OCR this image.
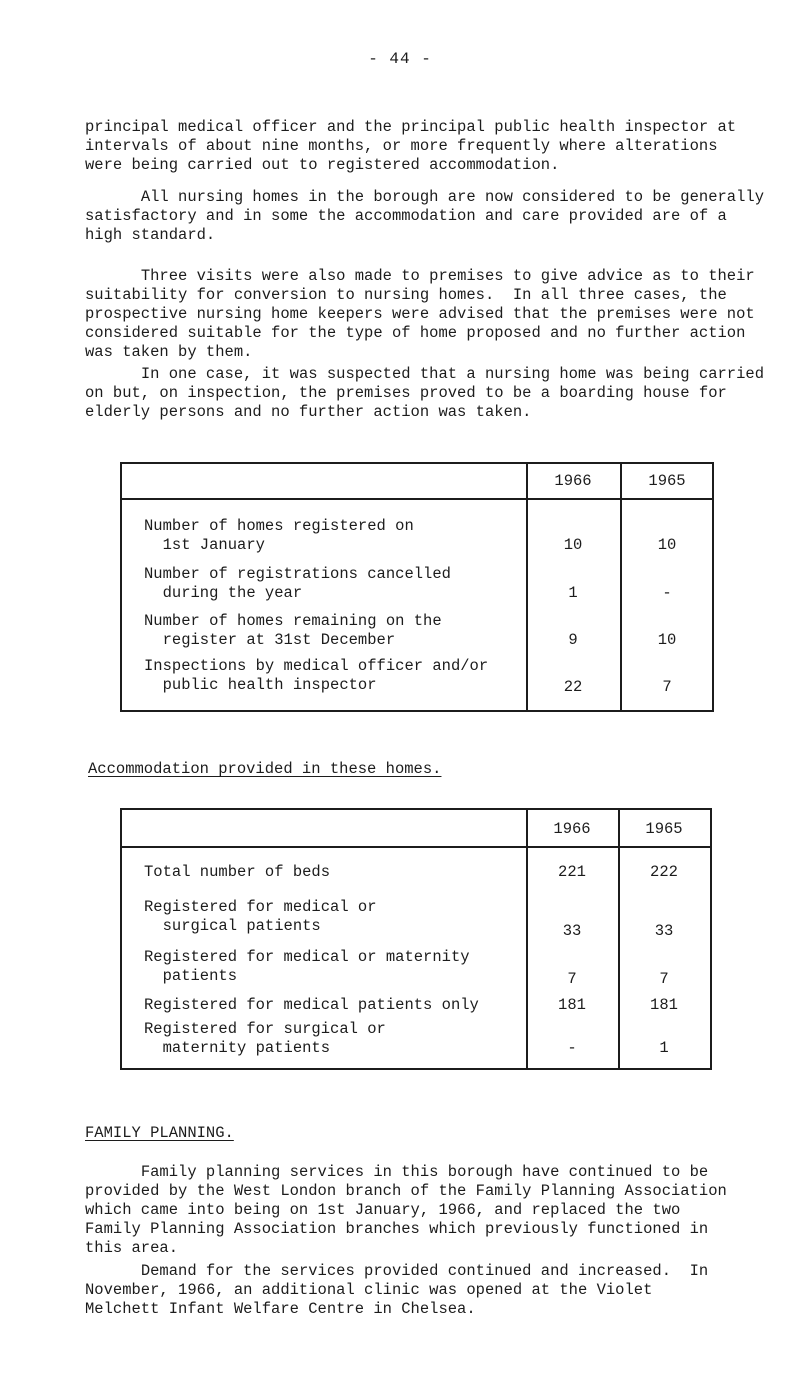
- 44 -

principal medical officer and the principal public health inspector at
intervals of about nine months, or more frequently where alterations
were being carried out to registered accommodation.

All nursing homes in the borough are now considered to be generally
satisfactory and in some the accommodation and care provided are of a
high standard.

Three visits were also made to premises to give advice as to their
suitability for conversion to nursing homes.  In all three cases, the
prospective nursing home keepers were advised that the premises were not
considered suitable for the type of home proposed and no further action
was taken by them.

In one case, it was suspected that a nursing home was being carried
on but, on inspection, the premises proved to be a boarding house for
elderly persons and no further action was taken.

1966	1965
Number of homes registered on
1st January	10	10
Number of registrations cancelled
during the year	1	-
Number of homes remaining on the
register at 31st December	9	10
Inspections by medical officer and/or
public health inspector	22	7
Accommodation provided in these homes.
1966	1965
Total number of beds	221	222
Registered for medical or
surgical patients	33	33
Registered for medical or maternity
patients	7	7
Registered for medical patients only	181	181
Registered for surgical or
maternity patients	-	1
FAMILY PLANNING.

Family planning services in this borough have continued to be
provided by the West London branch of the Family Planning Association
which came into being on 1st January, 1966, and replaced the two
Family Planning Association branches which previously functioned in
this area.

Demand for the services provided continued and increased.  In
November, 1966, an additional clinic was opened at the Violet
Melchett Infant Welfare Centre in Chelsea.
